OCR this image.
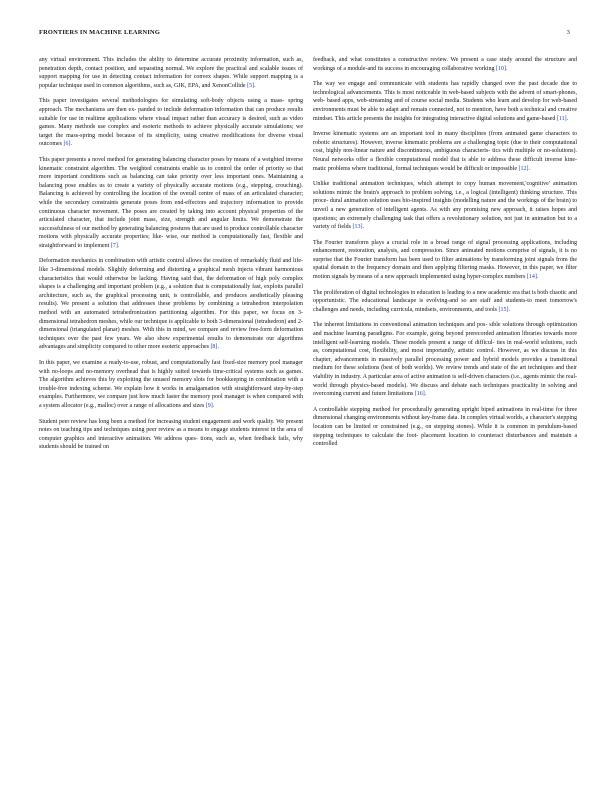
FRONTIERS IN MACHINE LEARNING	3

any virtual environment. This includes the ability to determine accurate proximity information, such as, penetration depth, contact position, and separating normal. We explore the practical and scalable issues of support mapping for use in detecting contact information for convex shapes. While support mapping is a popular technique used in common algorithms, such as, GJK, EPA, and XenonCollide [5].

This paper investigates several methodologies for simulating soft-body objects using a mass- spring approach. The mechanisms are then ex- panded to include deformation information that can produce results suitable for use in realtime applications where visual impact rather than accuracy is desired, such as video games. Many methods use complex and esoteric methods to achieve physically accurate simulations; we target the mass-spring model because of its simplicity, using creative modifications for diverse visual outcomes [6].

This paper presents a novel method for generating balancing character poses by means of a weighted inverse kinematic constraint algorithm. The weighted constraints enable us to control the order of priority so that more important conditions such as balancing can take priority over less important ones. Maintaining a balancing pose enables us to create a variety of physically accurate motions (e.g., stepping, crouching). Balancing is achieved by controlling the location of the overall centre of mass of an articulated character; while the secondary constraints generate poses from end-effectors and trajectory information to provide continuous character movement. The poses are created by taking into account physical properties of the articulated character, that include joint mass, size, strength and angular limits. We demonstrate the successfulness of our method by generating balancing postures that are used to produce controllable character motions with physically accurate properties; like- wise, our method is computationally fast, flexible and straightforward to implement [7].

Deformation mechanics in combination with artistic control allows the creation of remarkably fluid and life-like 3-dimensional models. Slightly deforming and distorting a graphical mesh injects vibrant harmonious characteristics that would otherwise be lacking. Having said that, the deformation of high poly complex shapes is a challenging and important problem (e.g., a solution that is computationally fast, exploits parallel architecture, such as, the graphical processing unit, is controllable, and produces aesthetically pleasing results). We present a solution that addresses these problems by combining a tetrahedron interpolation method with an automated tetrahedronization partitioning algorithm. For this paper, we focus on 3-dimensional tetrahedron meshes, while our technique is applicable to both 3-dimensional (tetrahedron) and 2- dimensional (triangulated planar) meshes. With this in mind, we compare and review free-form deformation techniques over the past few years. We also show experimental results to demonstrate our algorithms advantages and simplicity compared to other more esoteric approaches [8].

In this paper, we examine a ready-to-use, robust, and computationally fast fixed-size memory pool manager with no-loops and no-memory overhead that is highly suited towards time-critical systems such as games. The algorithm achieves this by exploiting the unused memory slots for bookkeeping in combination with a trouble-free indexing scheme. We explain how it works in amalgamation with straightforward step-by-step examples. Furthermore, we compare just how much faster the memory pool manager is when compared with a system allocator (e.g., malloc) over a range of allocations and sizes [9].

Student peer review has long been a method for increasing student engagement and work quality. We present notes on teaching tips and techniques using peer review as a means to engage students interest in the area of computer graphics and interactive animation. We address ques- tions, such as, when feedback fails, why students should be trained on

feedback, and what constitutes a constructive review. We present a case study around the structure and workings of a module-and its success in encouraging collaborative working [10].

The way we engage and communicate with students has rapidly changed over the past decade due to technological advancements. This is most noticeable in web-based subjects with the advent of smart-phones, web- based apps, web-streaming and of course social media. Students who learn and develop for web-based environments must be able to adapt and remain connected, not to mention, have both a technical and creative mindset. This article presents the insights for integrating interactive digital solutions and game-based [11].

Inverse kinematic systems are an important tool in many disciplines (from animated game characters to robotic structures). However, inverse kinematic problems are a challenging topic (due to their computational cost, highly non-linear nature and discontinuous, ambiguous characteris- tics with multiple or no-solutions). Neural networks offer a flexible computational model that is able to address these difficult inverse kine- matic problems where traditional, formal techniques would be difficult or impossible [12].

Unlike traditional animation techniques, which attempt to copy human movement,'cognitive' animation solutions mimic the brain's approach to problem solving, i.e., a logical (intelligent) thinking structure. This proce- dural animation solution uses bio-inspired insights (modelling nature and the workings of the brain) to unveil a new generation of intelligent agents. As with any promising new approach, it raises hopes and questions; an extremely challenging task that offers a revolutionary solution, not just in animation but to a variety of fields [13].

The Fourier transform plays a crucial role in a broad range of signal processing applications, including enhancement, restoration, analysis, and compression. Since animated motions comprise of signals, it is no surprise that the Fourier transform has been used to filter animations by transforming joint signals from the spatial domain to the frequency domain and then applying filtering masks. However, in this paper, we filter motion signals by means of a new approach implemented using hyper-complex numbers [14].

The proliferation of digital technologies in education is leading to a new academic era that is both chaotic and opportunistic. The educational landscape is evolving-and so are staff and students-to meet tomorrow's challenges and needs, including curricula, mindsets, environments, and tools [15].

The inherent limitations in conventional animation techniques and pos- sible solutions through optimization and machine learning paradigms. For example, going beyond prerecorded animation libraries towards more intelligent self-learning models. These models present a range of difficul- ties in real-world solutions, such as, computational cost, flexibility, and most importantly, artistic control. However, as we discuss in this chapter, advancements in massively parallel processing power and hybrid models provides a transitional medium for these solutions (best of both worlds). We review trends and state of the art techniques and their viability in industry. A particular area of active animation is self-driven characters (i.e., agents mimic the real-world through physics-based models). We discuss and debate each techniques practicality in solving and overcoming current and future limitations [16].

A controllable stepping method for procedurally generating upright biped animations in real-time for three dimensional changing environments without key-frame data. In complex virtual worlds, a character's stepping location can be limited or constrained (e.g., on stepping stones). While it is common in pendulum-based stepping techniques to calculate the foot- placement location to counteract disturbances and maintain a controlled
